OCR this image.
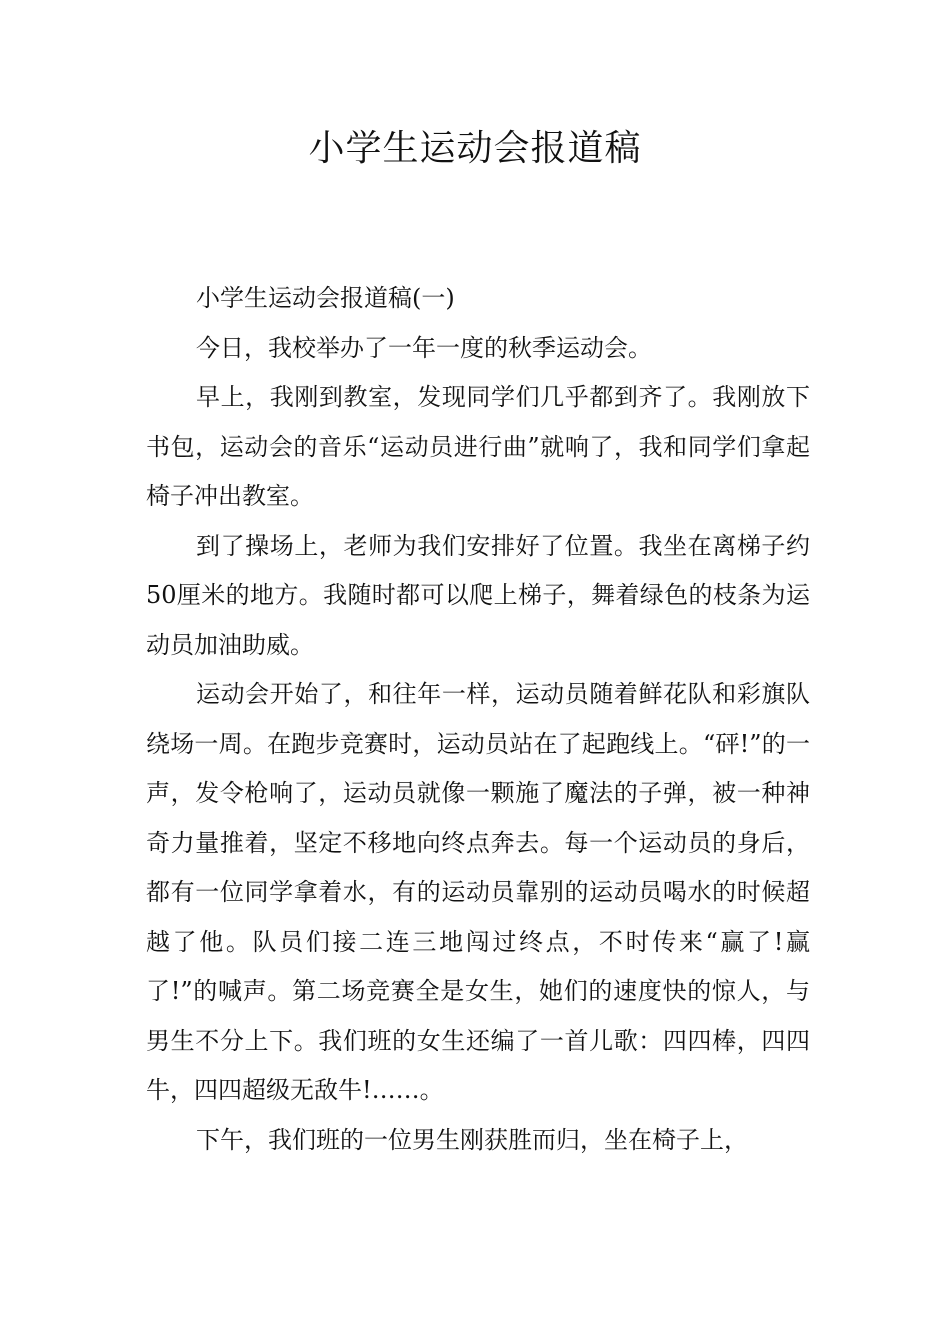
小学生运动会报道稿

小学生运动会报道稿(一)

今日，我校举办了一年一度的秋季运动会。

早上，我刚到教室，发现同学们几乎都到齐了。我刚放下书包，运动会的音乐“运动员进行曲”就响了，我和同学们拿起椅子冲出教室。

到了操场上，老师为我们安排好了位置。我坐在离梯子约50厘米的地方。我随时都可以爬上梯子，舞着绿色的枝条为运动员加油助威。

运动会开始了，和往年一样，运动员随着鲜花队和彩旗队绕场一周。在跑步竞赛时，运动员站在了起跑线上。“砰!”的一声，发令枪响了，运动员就像一颗施了魔法的子弹，被一种神奇力量推着，坚定不移地向终点奔去。每一个运动员的身后，都有一位同学拿着水，有的运动员靠别的运动员喝水的时候超越了他。队员们接二连三地闯过终点，不时传来“赢了!赢了!”的喊声。第二场竞赛全是女生，她们的速度快的惊人，与男生不分上下。我们班的女生还编了一首儿歌：四四棒，四四牛，四四超级无敌牛!……。

下午，我们班的一位男生刚获胜而归，坐在椅子上，
